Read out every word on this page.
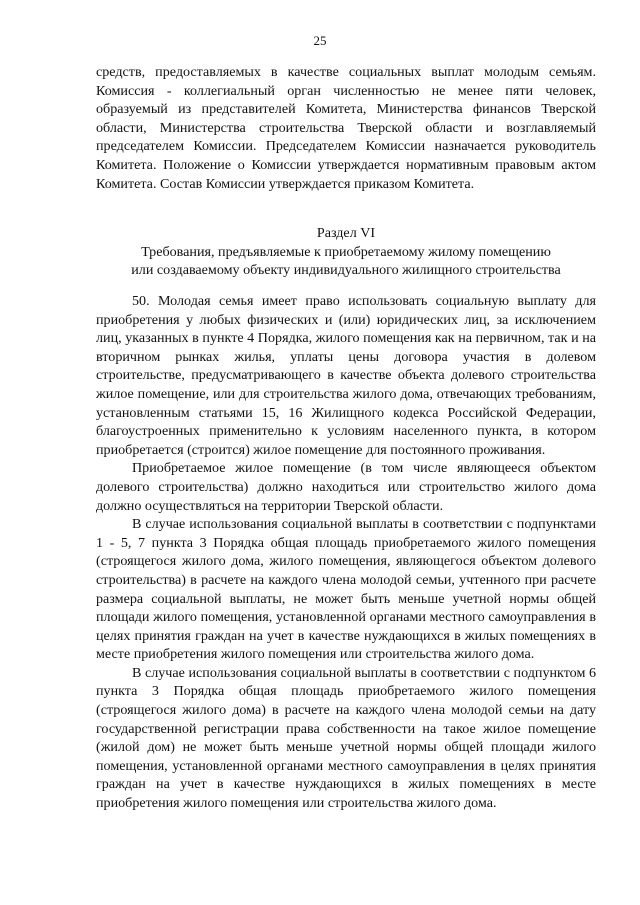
25

средств, предоставляемых в качестве социальных выплат молодым семьям. Комиссия - коллегиальный орган численностью не менее пяти человек, образуемый из представителей Комитета, Министерства финансов Тверской области, Министерства строительства Тверской области и возглавляемый председателем Комиссии. Председателем Комиссии назначается руководитель Комитета. Положение о Комиссии утверждается нормативным правовым актом Комитета. Состав Комиссии утверждается приказом Комитета.

Раздел VI
Требования, предъявляемые к приобретаемому жилому помещению
или создаваемому объекту индивидуального жилищного строительства

50. Молодая семья имеет право использовать социальную выплату для приобретения у любых физических и (или) юридических лиц, за исключением лиц, указанных в пункте 4 Порядка, жилого помещения как на первичном, так и на вторичном рынках жилья, уплаты цены договора участия в долевом строительстве, предусматривающего в качестве объекта долевого строительства жилое помещение, или для строительства жилого дома, отвечающих требованиям, установленным статьями 15, 16 Жилищного кодекса Российской Федерации, благоустроенных применительно к условиям населенного пункта, в котором приобретается (строится) жилое помещение для постоянного проживания.

Приобретаемое жилое помещение (в том числе являющееся объектом долевого строительства) должно находиться или строительство жилого дома должно осуществляться на территории Тверской области.

В случае использования социальной выплаты в соответствии с подпунктами 1 - 5, 7 пункта 3 Порядка общая площадь приобретаемого жилого помещения (строящегося жилого дома, жилого помещения, являющегося объектом долевого строительства) в расчете на каждого члена молодой семьи, учтенного при расчете размера социальной выплаты, не может быть меньше учетной нормы общей площади жилого помещения, установленной органами местного самоуправления в целях принятия граждан на учет в качестве нуждающихся в жилых помещениях в месте приобретения жилого помещения или строительства жилого дома.

В случае использования социальной выплаты в соответствии с подпунктом 6 пункта 3 Порядка общая площадь приобретаемого жилого помещения (строящегося жилого дома) в расчете на каждого члена молодой семьи на дату государственной регистрации права собственности на такое жилое помещение (жилой дом) не может быть меньше учетной нормы общей площади жилого помещения, установленной органами местного самоуправления в целях принятия граждан на учет в качестве нуждающихся в жилых помещениях в месте приобретения жилого помещения или строительства жилого дома.
